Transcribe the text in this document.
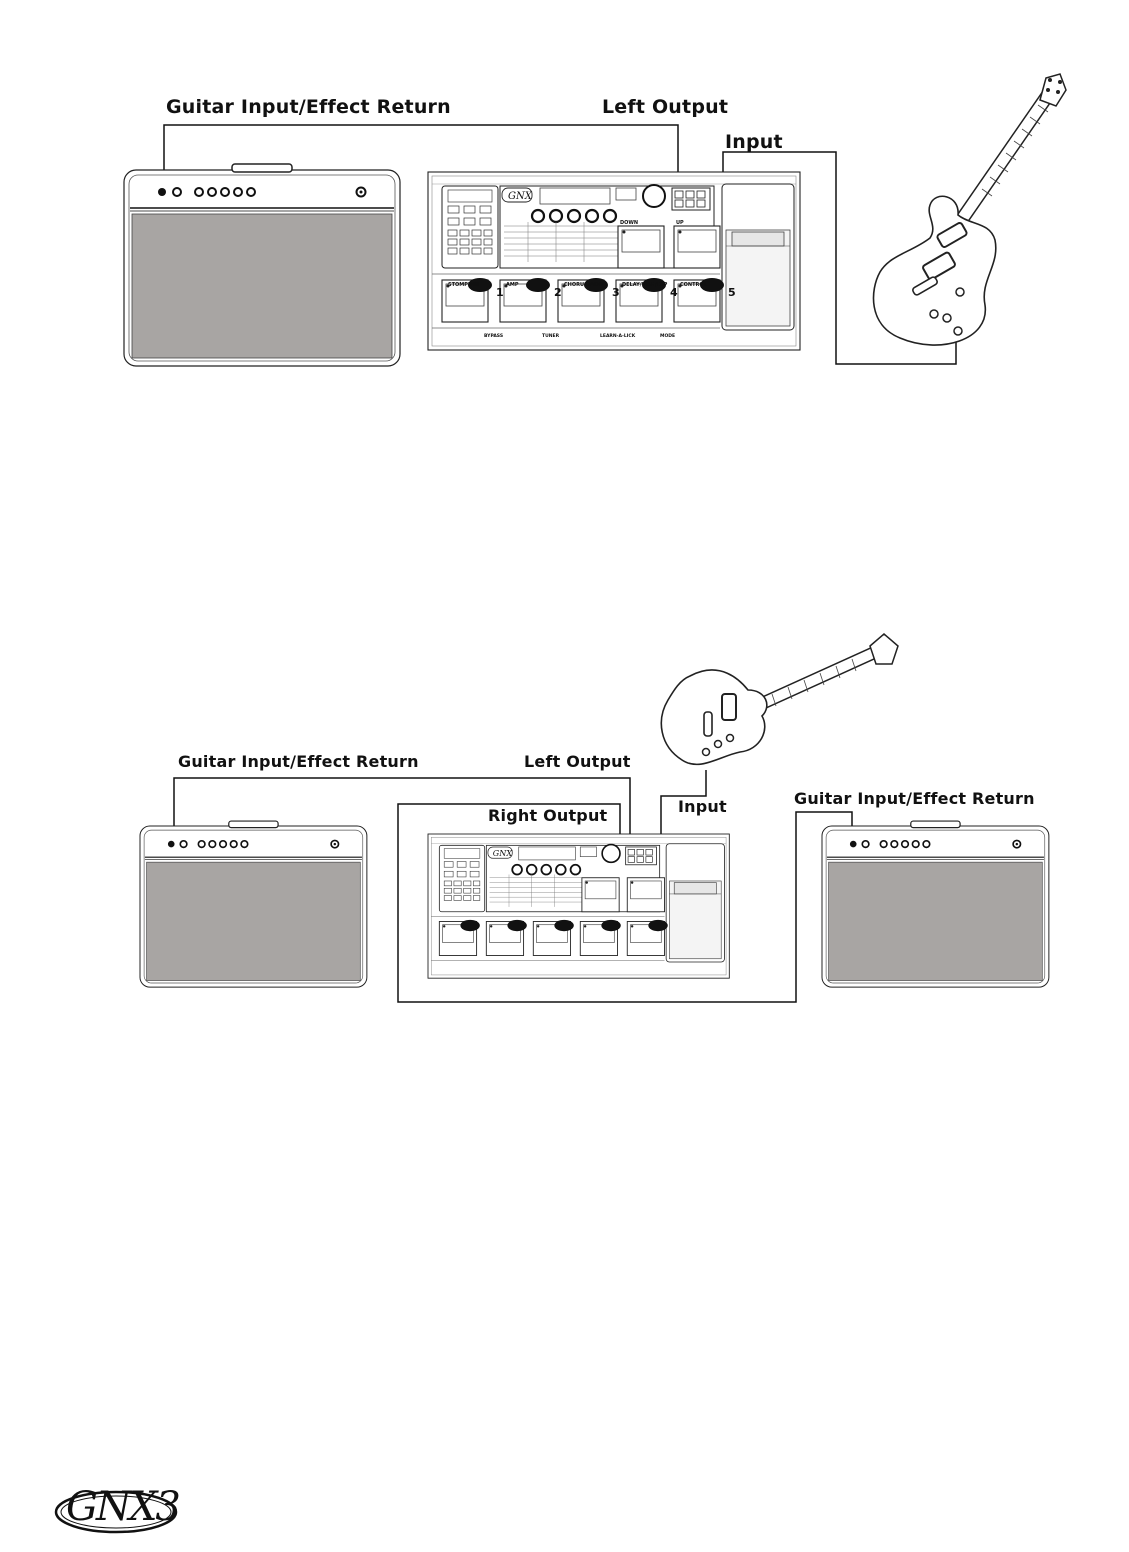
GNX
STOMPBOX
1
AMP
2
CHORUS/MOD
3
DELAY/WAH/TAP
4
CONTROL
5
BYPASS	TUNER	LEARN-A-LICK	MODE
DOWN	UP
Guitar Input/Effect Return	Left Output
Input
Guitar Input/Effect Return	Left Output
Right Output	Input	Guitar Input/Effect Return
GNX3
